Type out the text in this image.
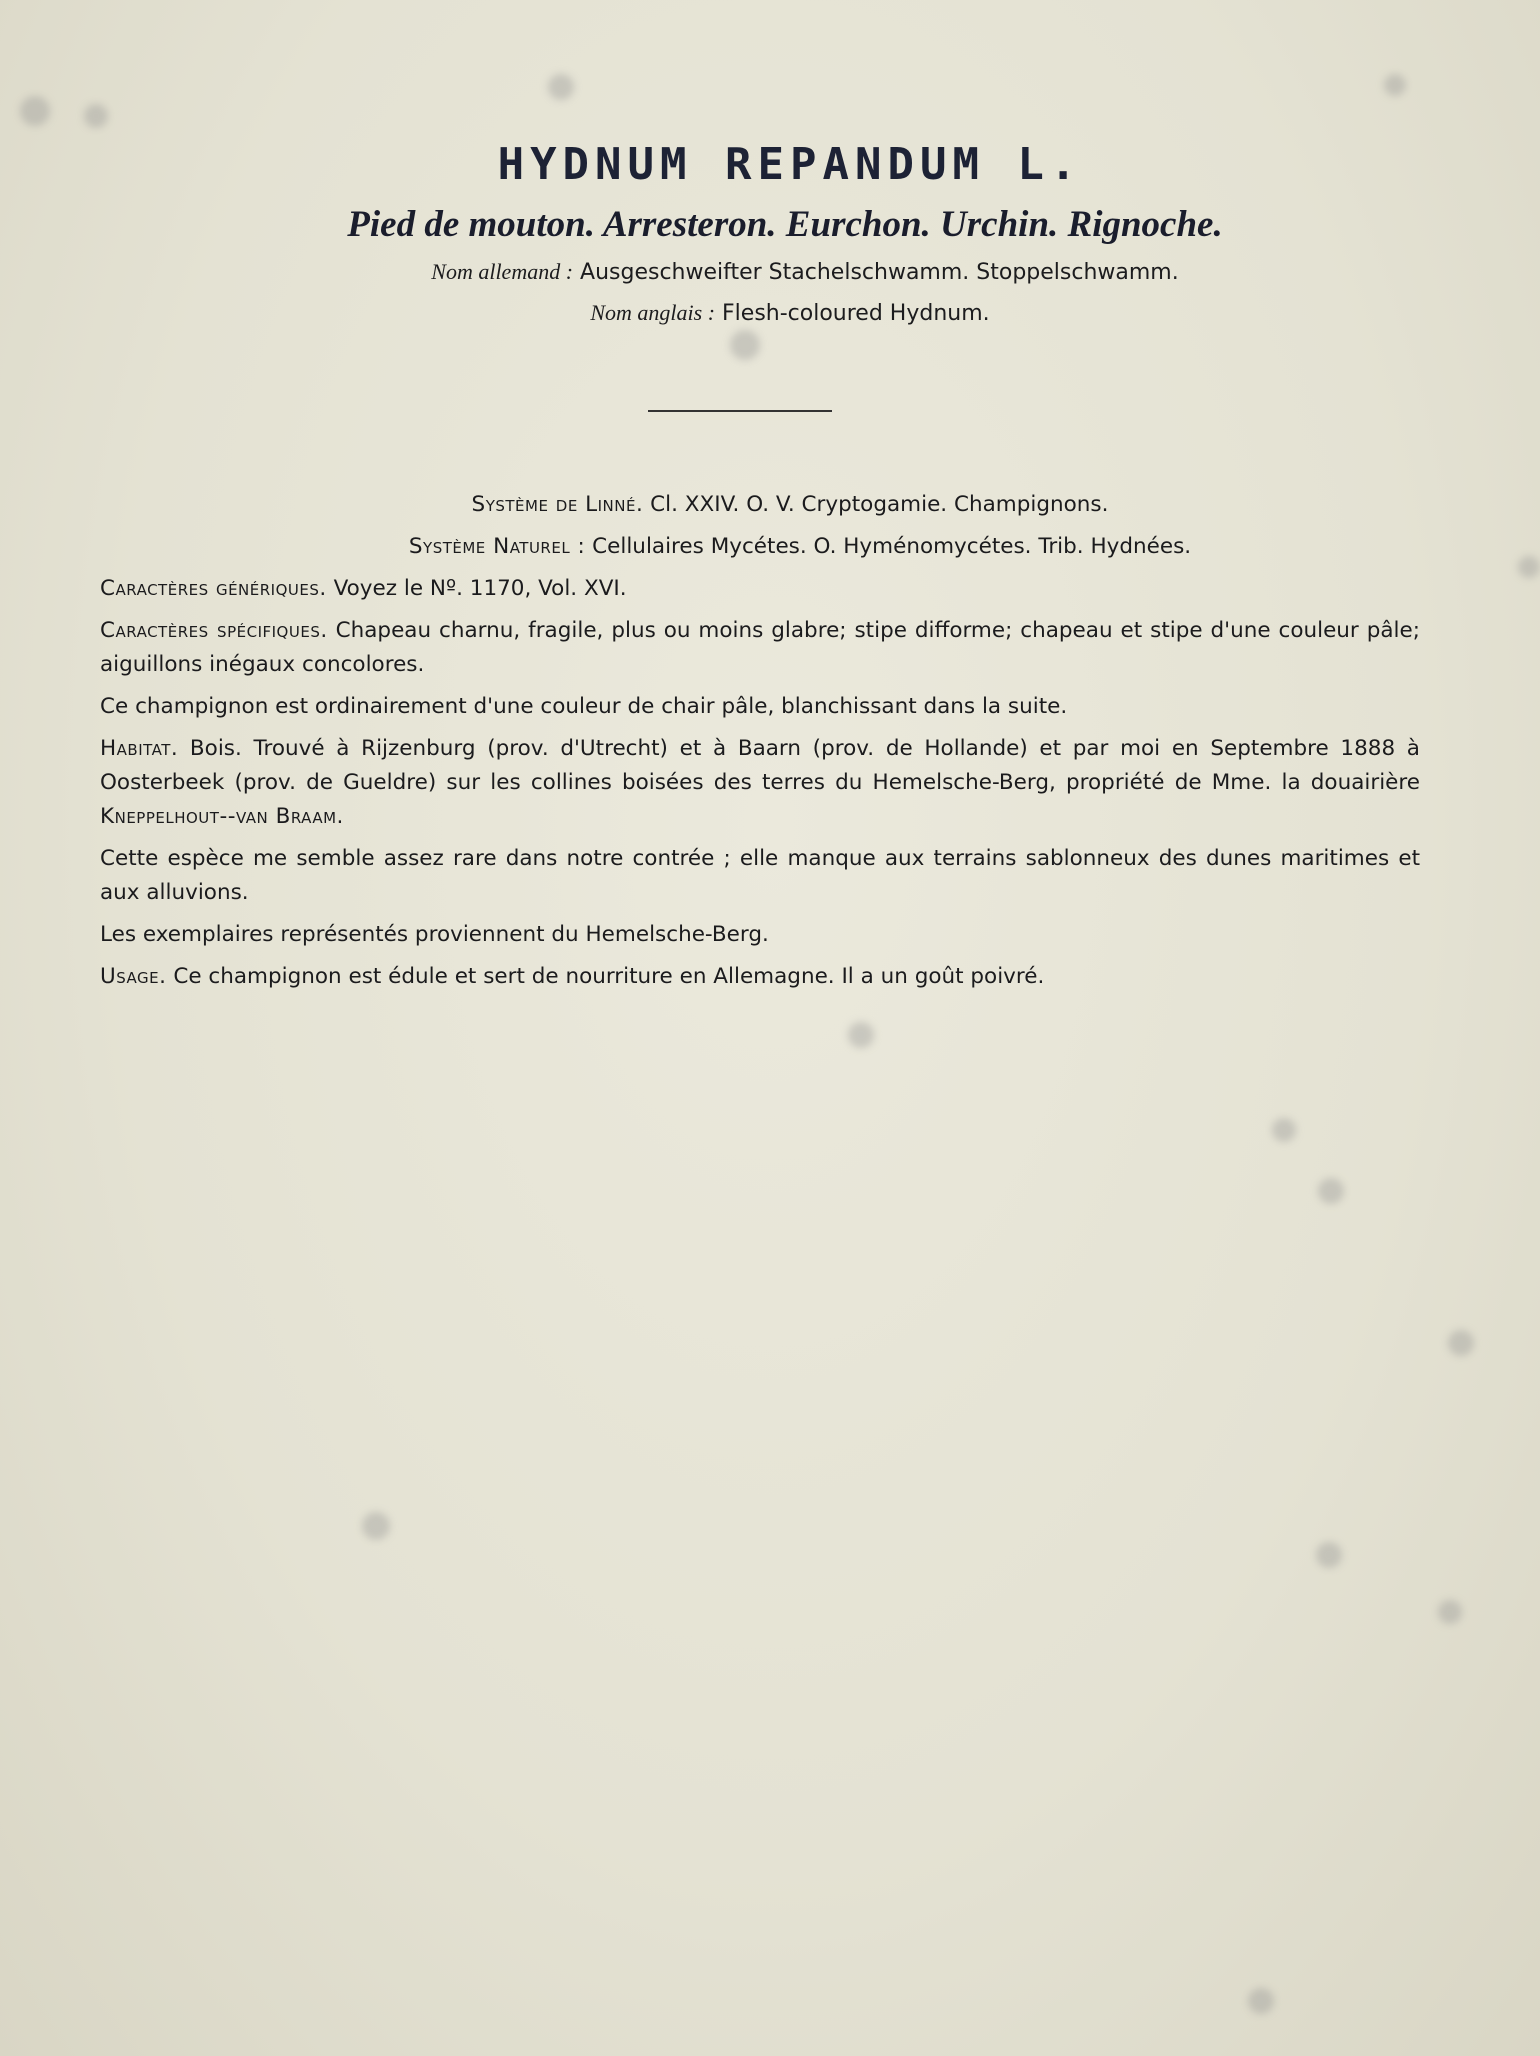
HYDNUM REPANDUM L.

Pied de mouton. Arresteron. Eurchon. Urchin. Rignoche.

Nom allemand : Ausgeschweifter Stachelschwamm. Stoppelschwamm.
Nom anglais : Flesh-coloured Hydnum.

Système de Linné. Cl. XXIV. O. V. Cryptogamie. Champignons.

Système Naturel : Cellulaires Mycétes. O. Hyménomycétes. Trib. Hydnées.

Caractères génériques. Voyez le Nº. 1170, Vol. XVI.

Caractères spécifiques. Chapeau charnu, fragile, plus ou moins glabre; stipe difforme; chapeau et stipe d'une couleur pâle; aiguillons inégaux concolores.

Ce champignon est ordinairement d'une couleur de chair pâle, blanchissant dans la suite.

Habitat. Bois. Trouvé à Rijzenburg (prov. d'Utrecht) et à Baarn (prov. de Hollande) et par moi en Septembre 1888 à Oosterbeek (prov. de Gueldre) sur les collines boisées des terres du Hemelsche-Berg, propriété de Mme. la douairière Kneppelhout--van Braam.

Cette espèce me semble assez rare dans notre contrée ; elle manque aux terrains sablonneux des dunes maritimes et aux alluvions.

Les exemplaires représentés proviennent du Hemelsche-Berg.

Usage. Ce champignon est édule et sert de nourriture en Allemagne. Il a un goût poivré.
